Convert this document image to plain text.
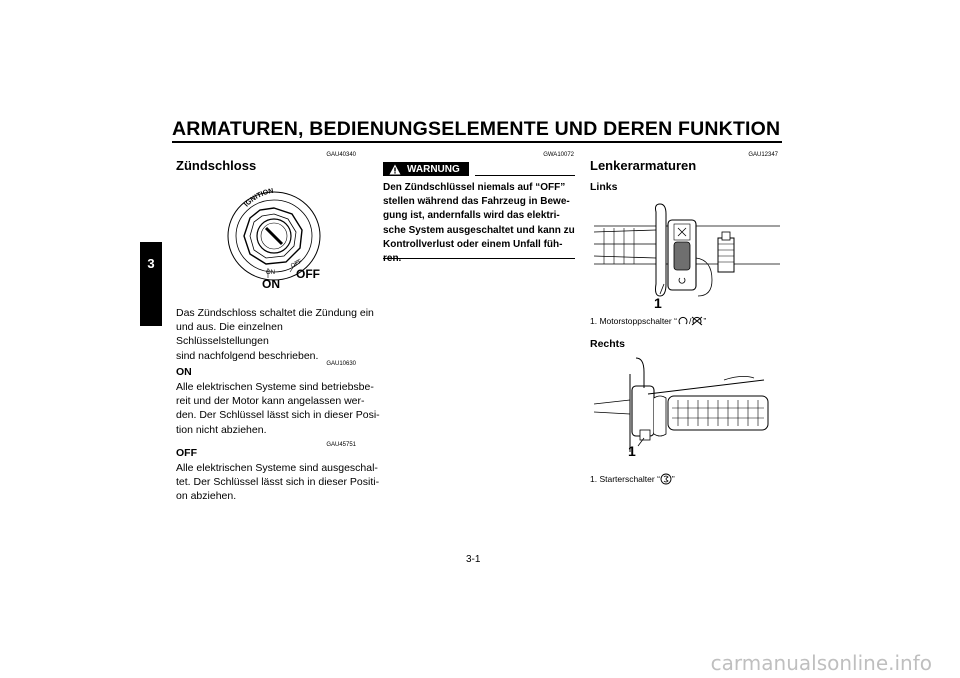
ARMATUREN, BEDIENUNGSELEMENTE UND DEREN FUNKTION
3
GAU40340
Zündschloss
IGNITION
ON
OFF
ON
OFF
Das Zündschloss schaltet die Zündung ein
und aus. Die einzelnen Schlüsselstellungen
sind nachfolgend beschrieben.
GAU10630
ON
Alle elektrischen Systeme sind betriebsbe-
reit und der Motor kann angelassen wer-
den. Der Schlüssel lässt sich in dieser Posi-
tion nicht abziehen.
GAU45751
OFF
Alle elektrischen Systeme sind ausgeschal-
tet. Der Schlüssel lässt sich in dieser Positi-
on abziehen.
GWA10072
WARNUNG
Den Zündschlüssel niemals auf “OFF”
stellen während das Fahrzeug in Bewe-
gung ist, andernfalls wird das elektri-
sche System ausgeschaltet und kann zu
Kontrollverlust oder einem Unfall füh-
GAU12347
Lenkerarmaturen
Links
1
1. Motorstoppschalter “ / ”
Rechts
1
1. Starterschalter “ ”
3-1
carmanualsonline.info
